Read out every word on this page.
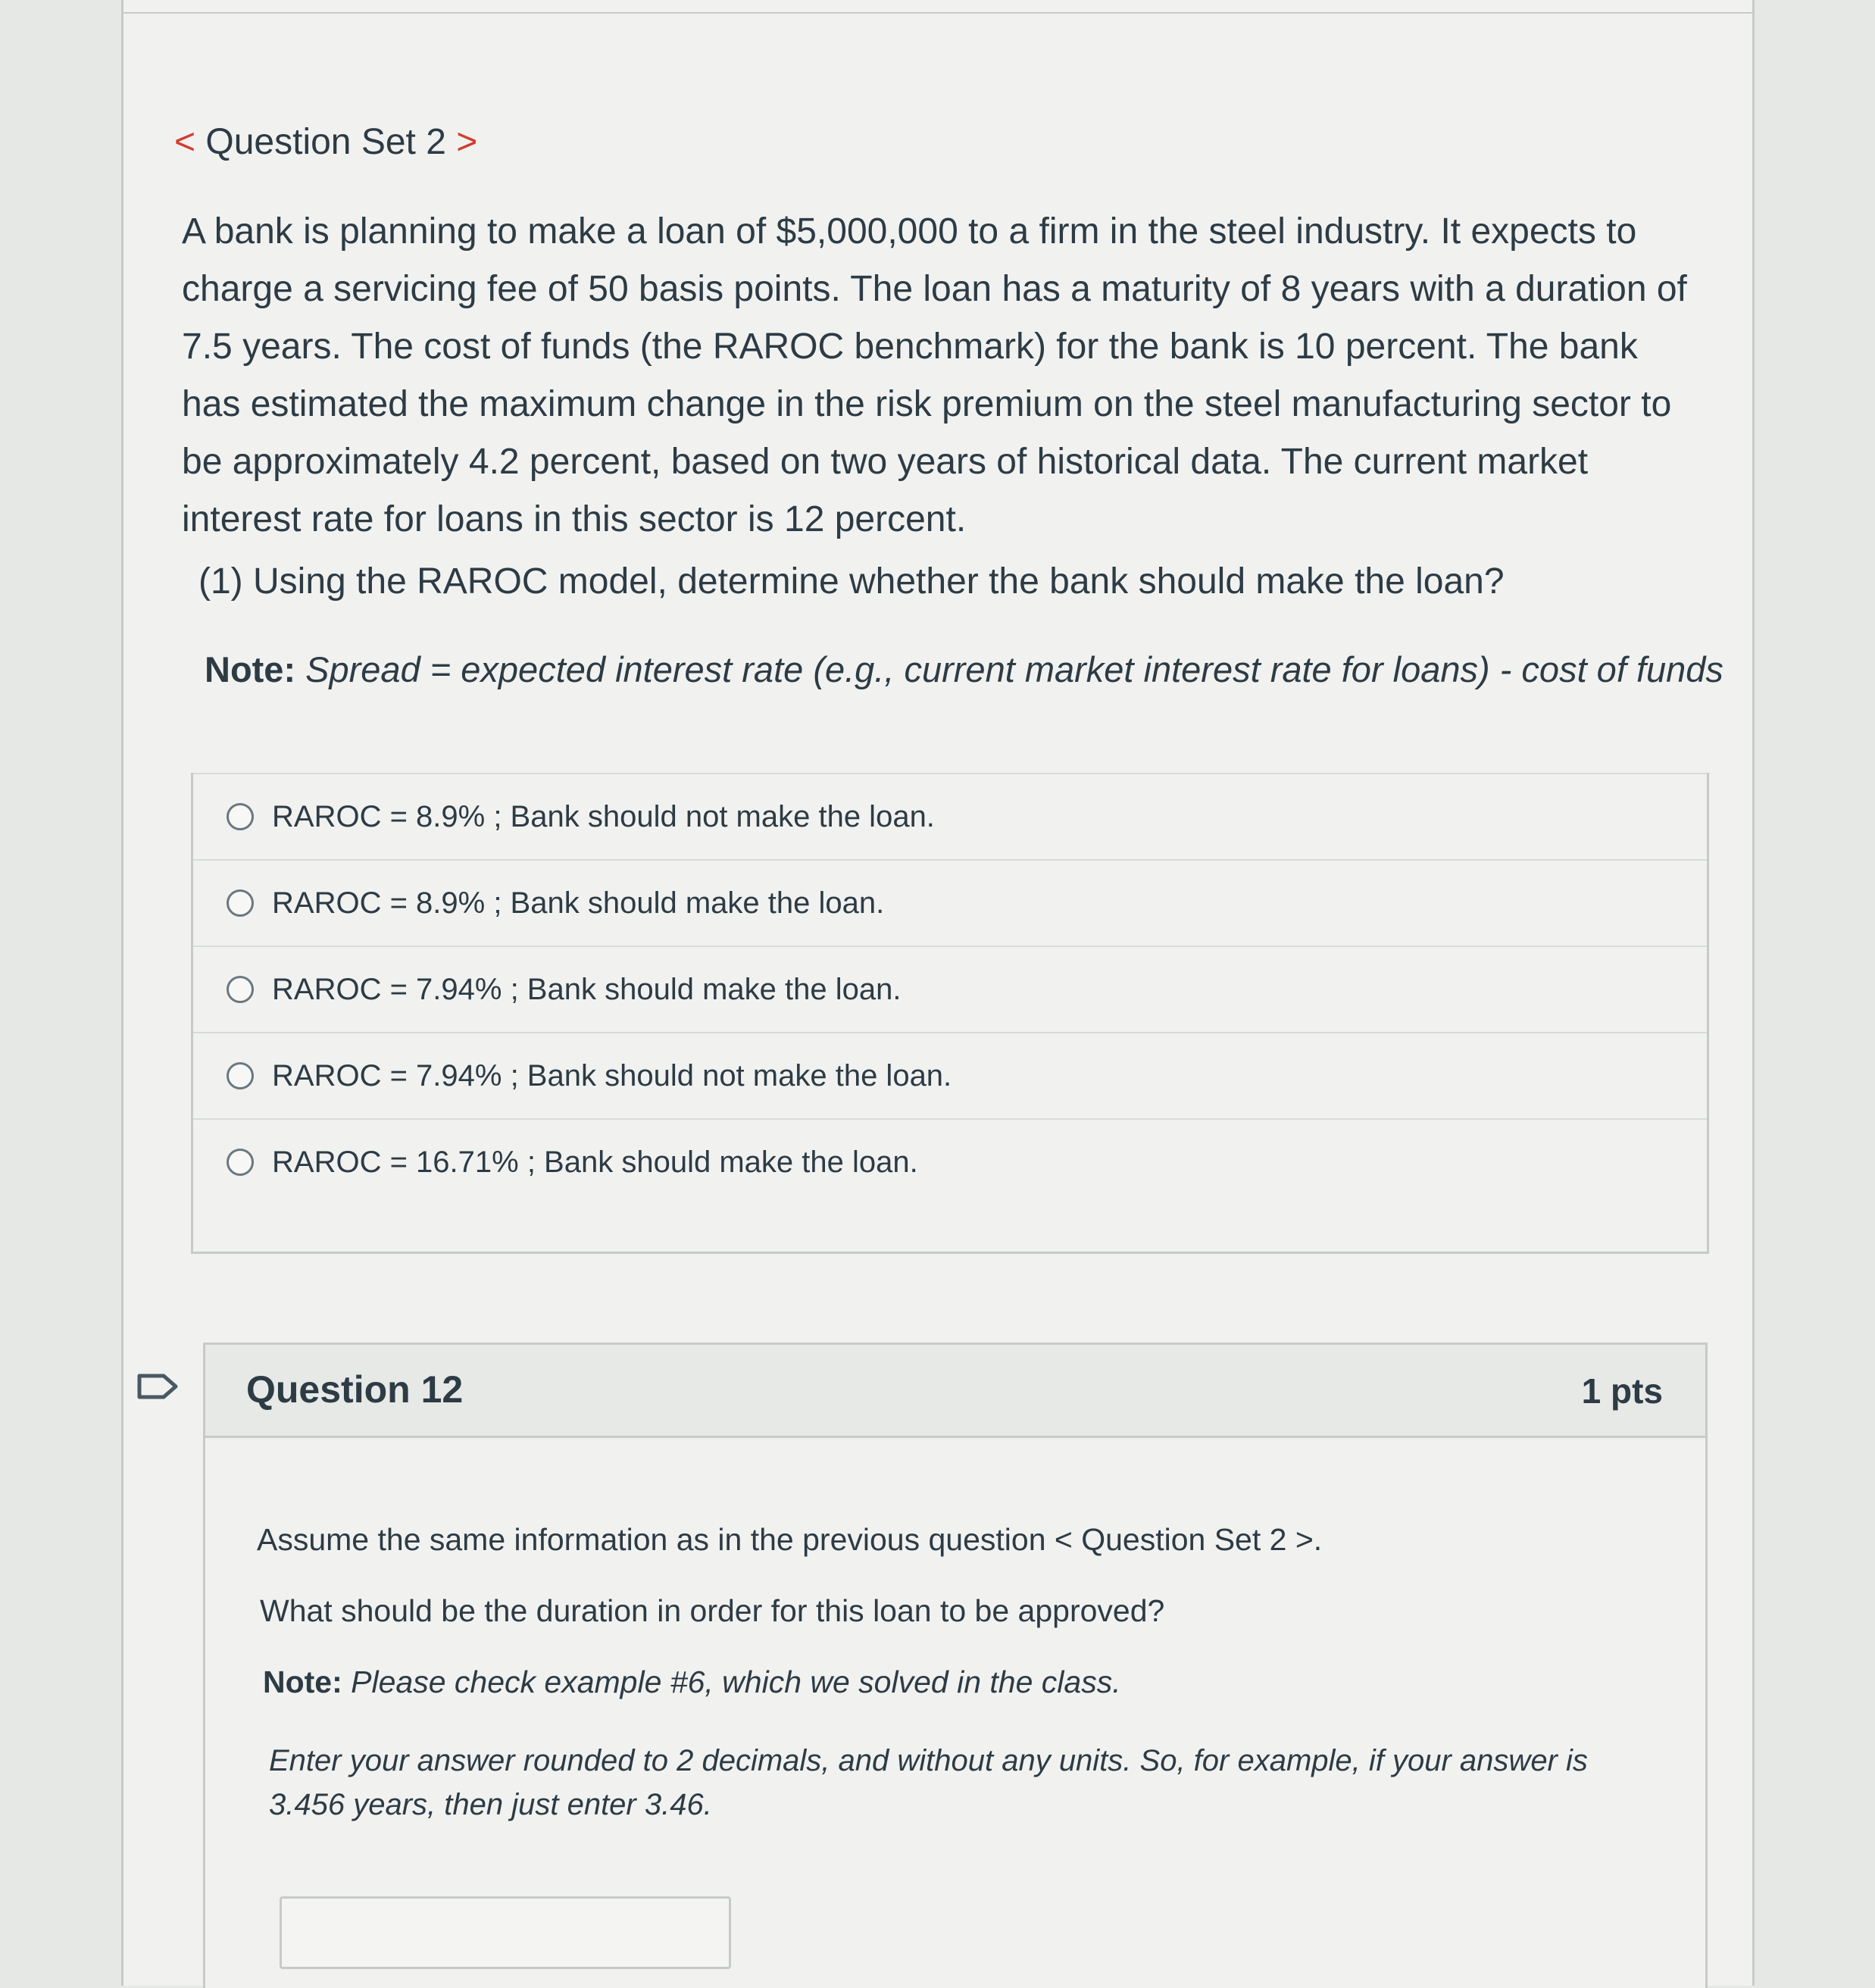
< Question Set 2 >

A bank is planning to make a loan of $5,000,000 to a firm in the steel industry. It expects to charge a servicing fee of 50 basis points. The loan has a maturity of 8 years with a duration of 7.5 years. The cost of funds (the RAROC benchmark) for the bank is 10 percent. The bank has estimated the maximum change in the risk premium on the steel manufacturing sector to be approximately 4.2 percent, based on two years of historical data. The current market interest rate for loans in this sector is 12 percent.

(1) Using the RAROC model, determine whether the bank should make the loan?
Note: Spread = expected interest rate (e.g., current market interest rate for loans) - cost of funds
RAROC = 8.9% ; Bank should not make the loan.
RAROC = 8.9% ; Bank should make the loan.
RAROC = 7.94% ; Bank should make the loan.
RAROC = 7.94% ; Bank should not make the loan.
RAROC = 16.71% ; Bank should make the loan.
Question 12	1 pts
Assume the same information as in the previous question < Question Set 2 >.
What should be the duration in order for this loan to be approved?
Note: Please check example #6, which we solved in the class.
Enter your answer rounded to 2 decimals, and without any units. So, for example, if your answer is 3.456 years, then just enter 3.46.
